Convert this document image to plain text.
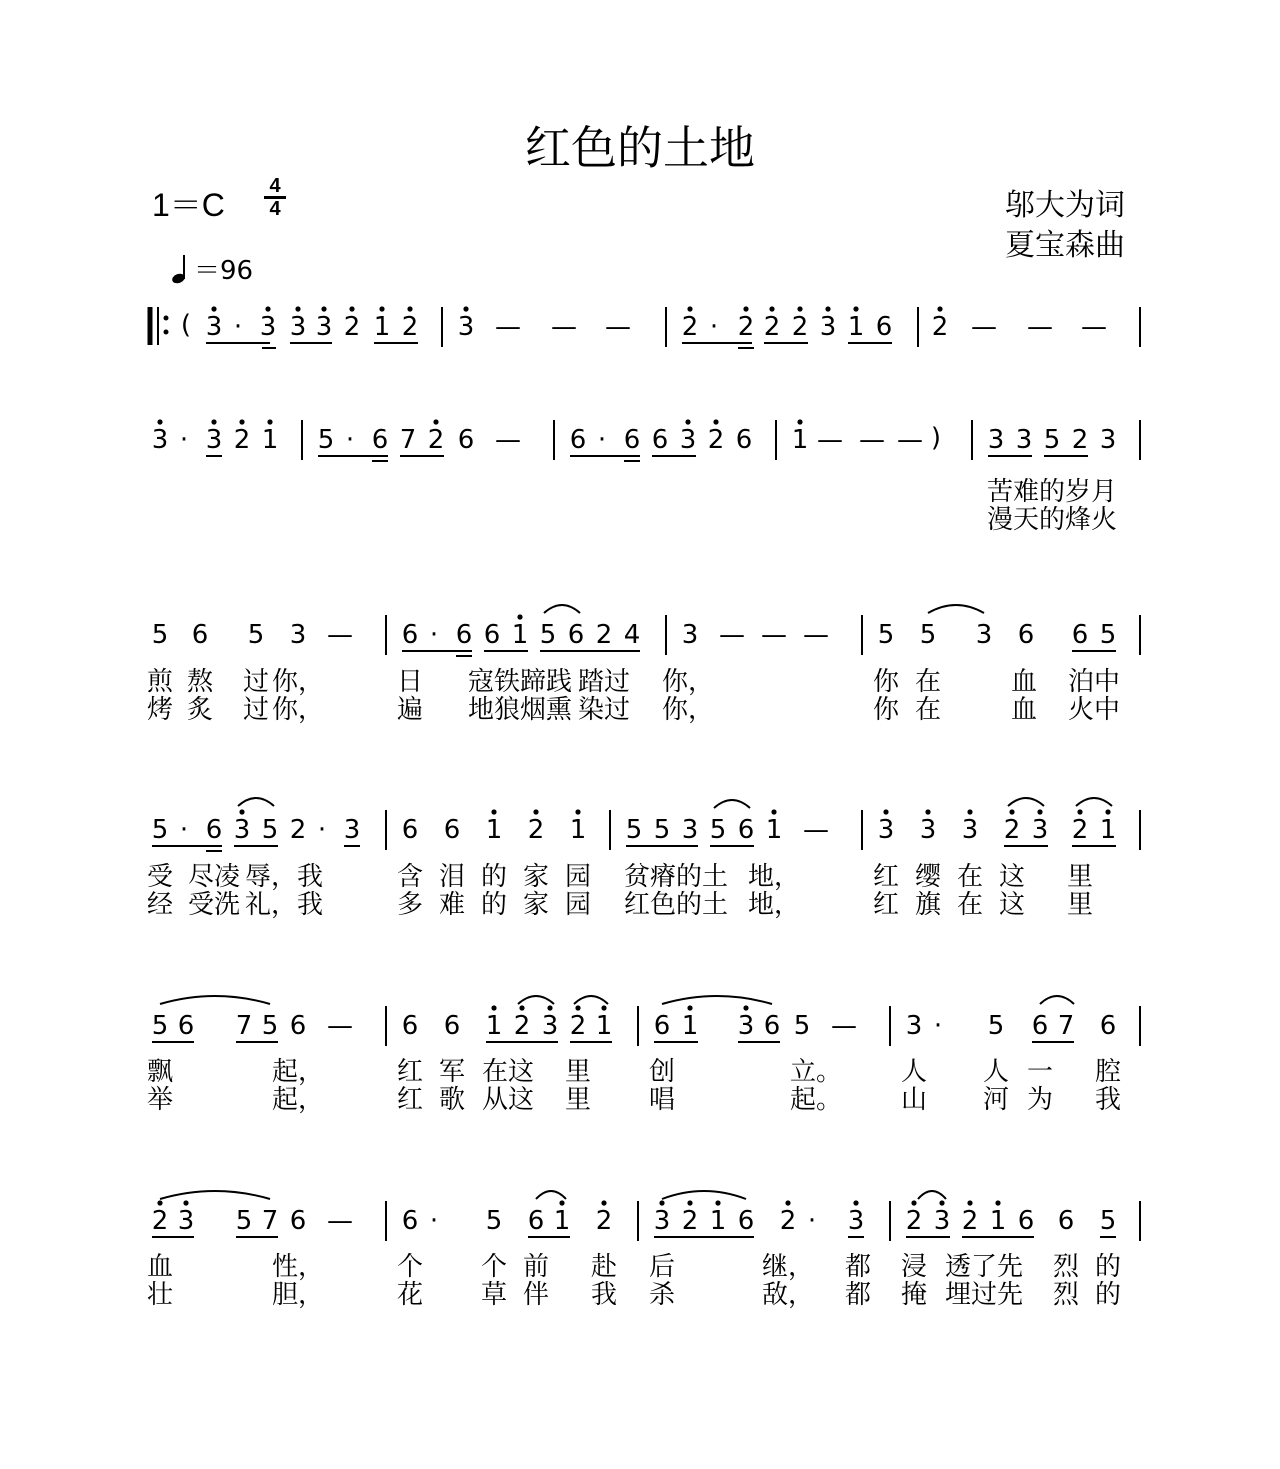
红色的土地
1＝C
4
4
＝96
邬大为词
夏宝森曲
( 3 · 3 3 3 2 1 2 3 — — — 2 · 2 2 2 3 1 6 2 — — —
3 · 3 2 1 5 · 6 7 2 6 — 6 · 6 6 3 2 6 1 — — — ) 3 3 5 2 3
苦难的岁月
漫天的烽火
5 6 5 3 — 6 · 6 6 1 5 6 2 4 3 — — — 5 5 3 6 6 5
煎 熬 过 你，	日 寇铁蹄践 踏过 你，	你 在	血 泊中
烤 炙 过 你，	遍 地狼烟熏 染过 你，	你 在	血 火中
5 · 6 3 5 2 · 3 6 6 1 2 1 5 5 3 5 6 1 — 3 3 3 2 3 2 1
受 尽凌 辱，我	含 泪 的 家 园 贫瘠的土 地，	红 缨 在 这 里
经 受洗 礼，我	多 难 的 家 园 红色的土 地，	红 旗 在 这 里
5 6 7 5 6 — 6 6 1 2 3 2 1 6 1 3 6 5 — 3 · 5 6 7 6
飘	起，	红 军 在这 里 创	立。 人 人 一 腔
举	起，	红 歌 从这 里 唱	起。 山 河 为 我
2 3 5 7 6 — 6 · 5 6 1 2 3 2 1 6 2 · 3 2 3 2 1 6 6 5
血	性，	个 个 前 赴 后	继， 都 浸 透了先 烈 的
壮	胆，	花 草 伴 我 杀	敌， 都 掩 埋过先 烈 的
